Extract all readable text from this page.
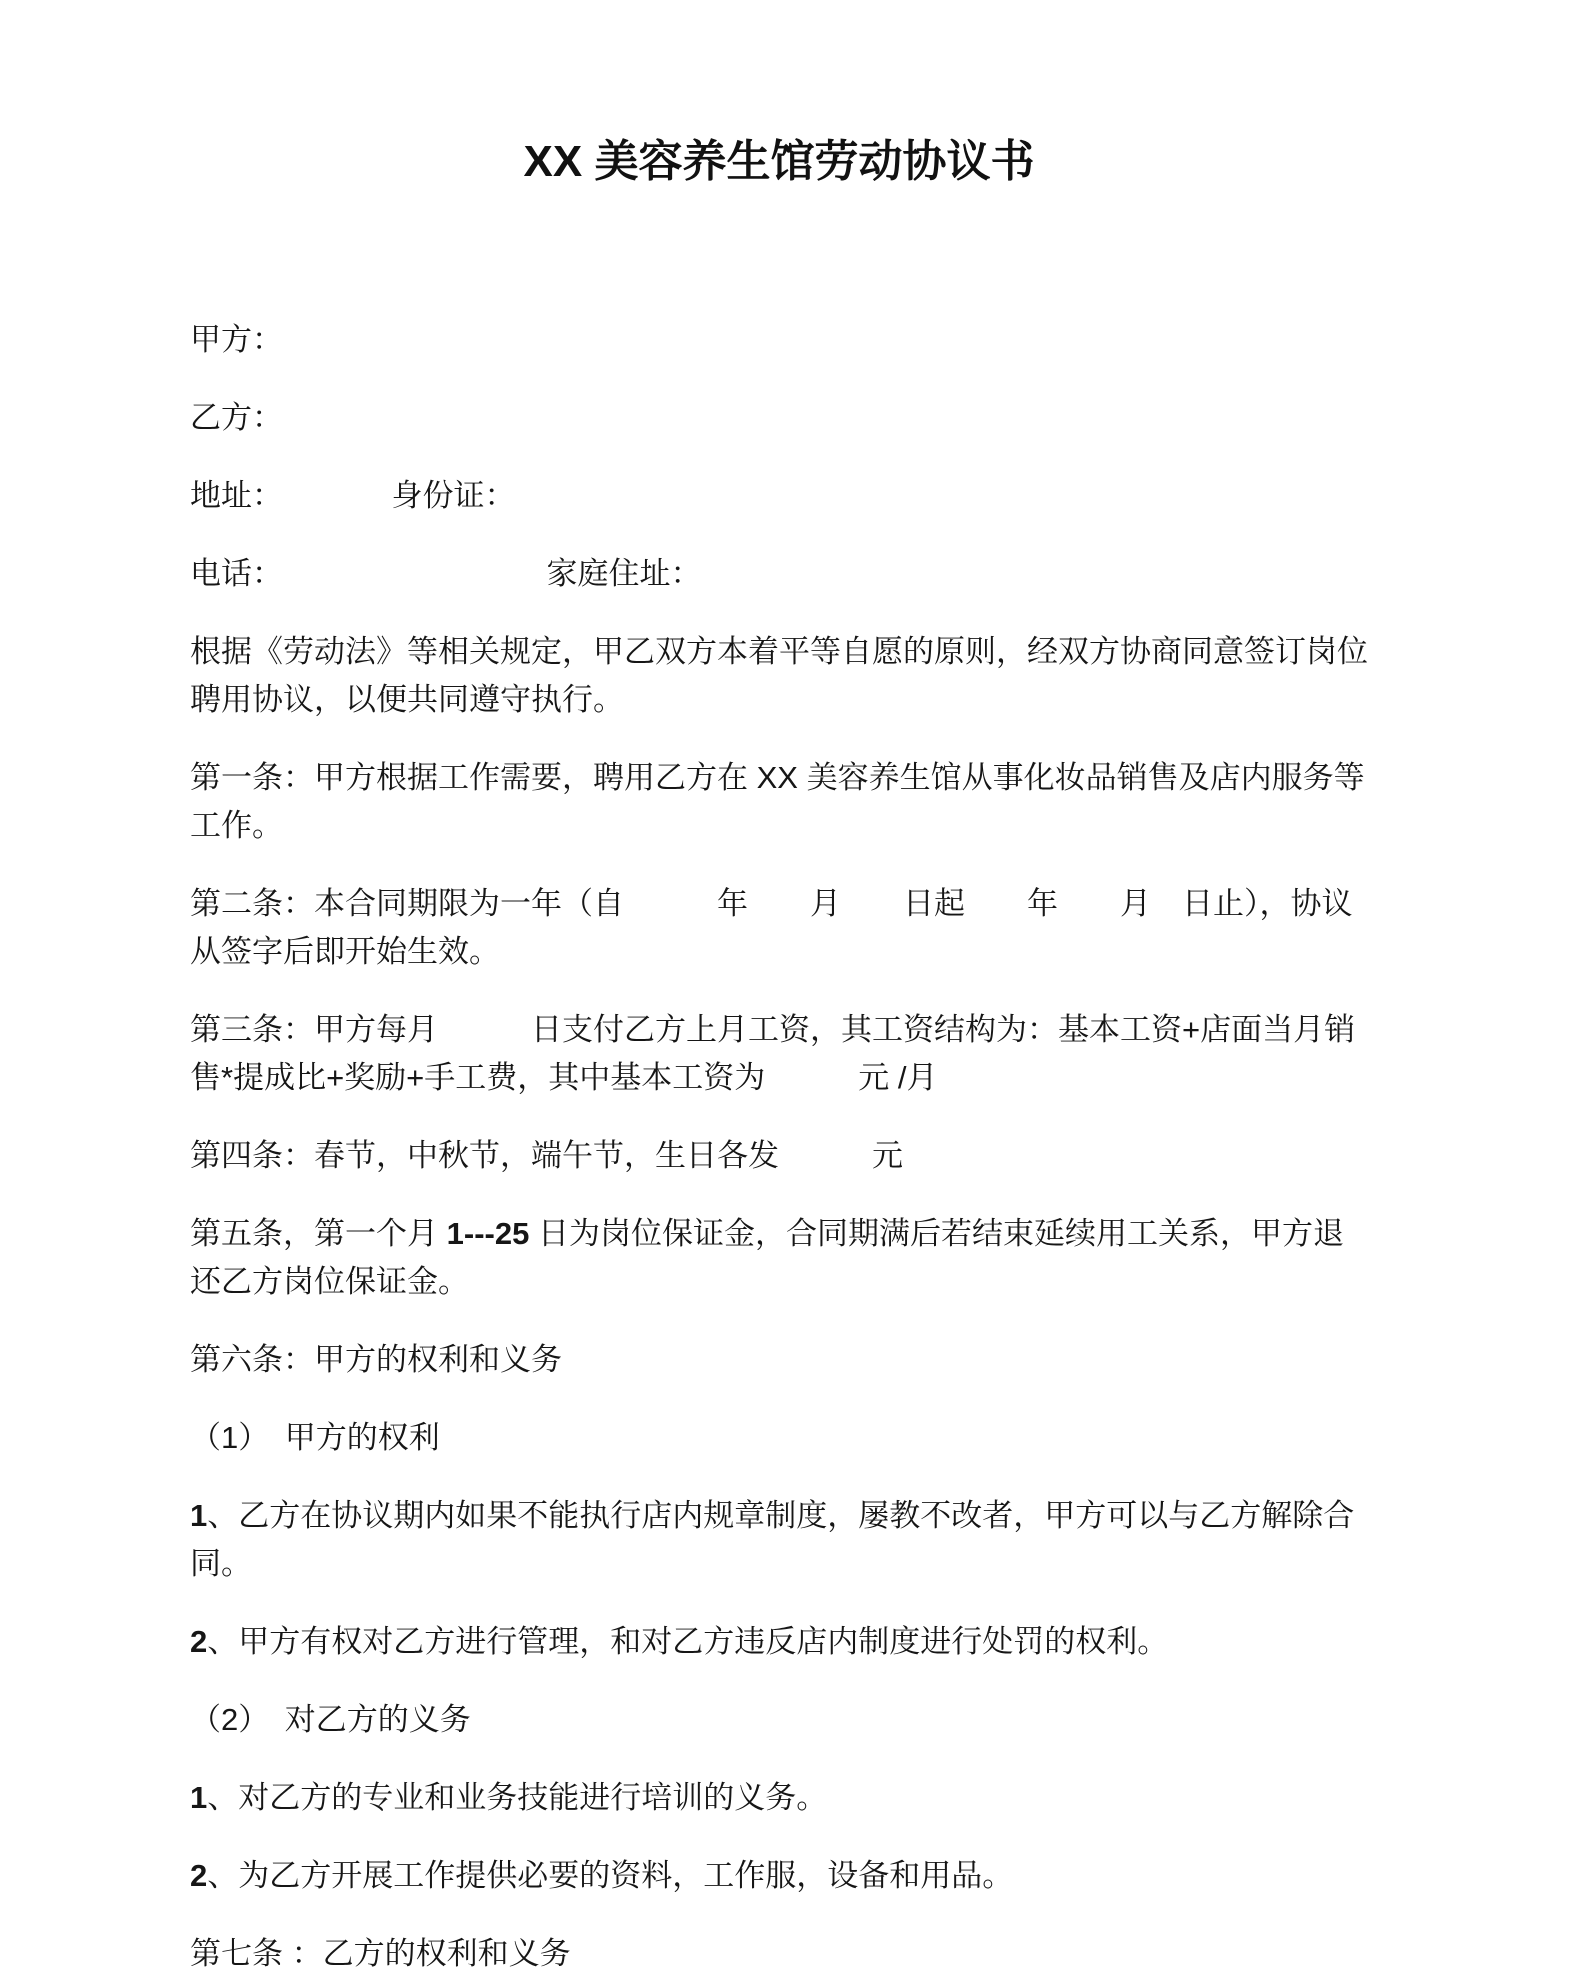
XX 美容养生馆劳动协议书

甲方：

乙方：

地址：　　　　身份证：

电话：　　　　　　　　　家庭住址：

根据《劳动法》等相关规定，甲乙双方本着平等自愿的原则，经双方协商同意签订岗位聘用协议，以便共同遵守执行。

第一条：甲方根据工作需要，聘用乙方在 XX 美容养生馆从事化妆品销售及店内服务等工作。

第二条：本合同期限为一年（自　　　年　　月　　日起　　年　　月　日止），协议从签字后即开始生效。

第三条：甲方每月　　　日支付乙方上月工资，其工资结构为：基本工资+店面当月销售*提成比+奖励+手工费，其中基本工资为　　　元 /月

第四条：春节，中秋节，端午节，生日各发　　　元

第五条，第一个月 1---25 日为岗位保证金，合同期满后若结束延续用工关系，甲方退还乙方岗位保证金。

第六条：甲方的权利和义务

（1）　甲方的权利

1、乙方在协议期内如果不能执行店内规章制度，屡教不改者，甲方可以与乙方解除合同。

2、甲方有权对乙方进行管理，和对乙方违反店内制度进行处罚的权利。

（2）　对乙方的义务

1、对乙方的专业和业务技能进行培训的义务。

2、为乙方开展工作提供必要的资料，工作服，设备和用品。

第七条 ：乙方的权利和义务
